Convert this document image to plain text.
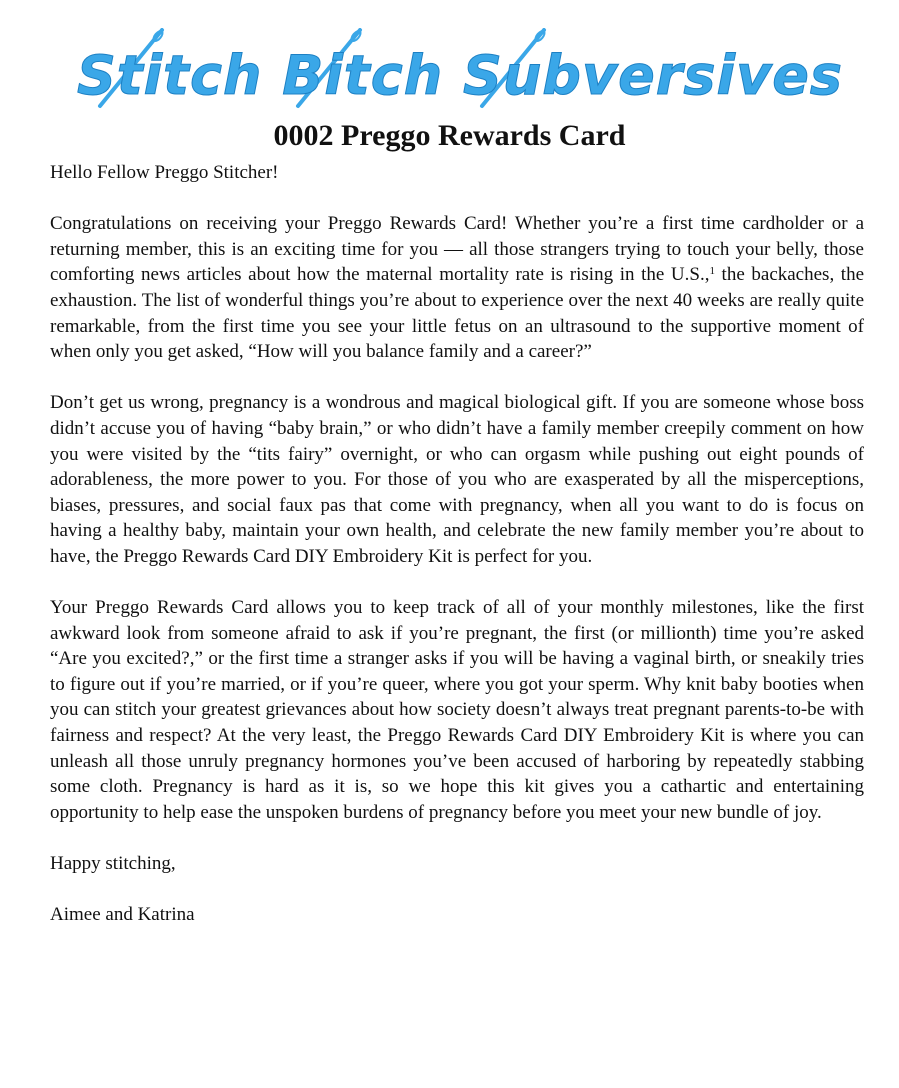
Stitch Bitch Subversives
0002 Preggo Rewards Card

Hello Fellow Preggo Stitcher!

Congratulations on receiving your Preggo Rewards Card! Whether you’re a first time cardholder or a returning member, this is an exciting time for you — all those strangers trying to touch your belly, those comforting news articles about how the maternal mortality rate is rising in the U.S.,$^1$ the backaches, the exhaustion. The list of wonderful things you’re about to experience over the next 40 weeks are really quite remarkable, from the first time you see your little fetus on an ultrasound to the supportive moment of when only you get asked, “How will you balance family and a career?”

Don’t get us wrong, pregnancy is a wondrous and magical biological gift. If you are someone whose boss didn’t accuse you of having “baby brain,” or who didn’t have a family member creepily comment on how you were visited by the “tits fairy” overnight, or who can orgasm while pushing out eight pounds of adorableness, the more power to you. For those of you who are exasperated by all the misperceptions, biases, pressures, and social faux pas that come with pregnancy, when all you want to do is focus on having a healthy baby, maintain your own health, and celebrate the new family member you’re about to have, the Preggo Rewards Card DIY Embroidery Kit is perfect for you.

Your Preggo Rewards Card allows you to keep track of all of your monthly milestones, like the first awkward look from someone afraid to ask if you’re pregnant, the first (or millionth) time you’re asked “Are you excited?,” or the first time a stranger asks if you will be having a vaginal birth, or sneakily tries to figure out if you’re married, or if you’re queer, where you got your sperm. Why knit baby booties when you can stitch your greatest grievances about how society doesn’t always treat pregnant parents-to-be with fairness and respect? At the very least, the Preggo Rewards Card DIY Embroidery Kit is where you can unleash all those unruly pregnancy hormones you’ve been accused of harboring by repeatedly stabbing some cloth. Pregnancy is hard as it is, so we hope this kit gives you a cathartic and entertaining opportunity to help ease the unspoken burdens of pregnancy before you meet your new bundle of joy.

Happy stitching,

Aimee and Katrina
